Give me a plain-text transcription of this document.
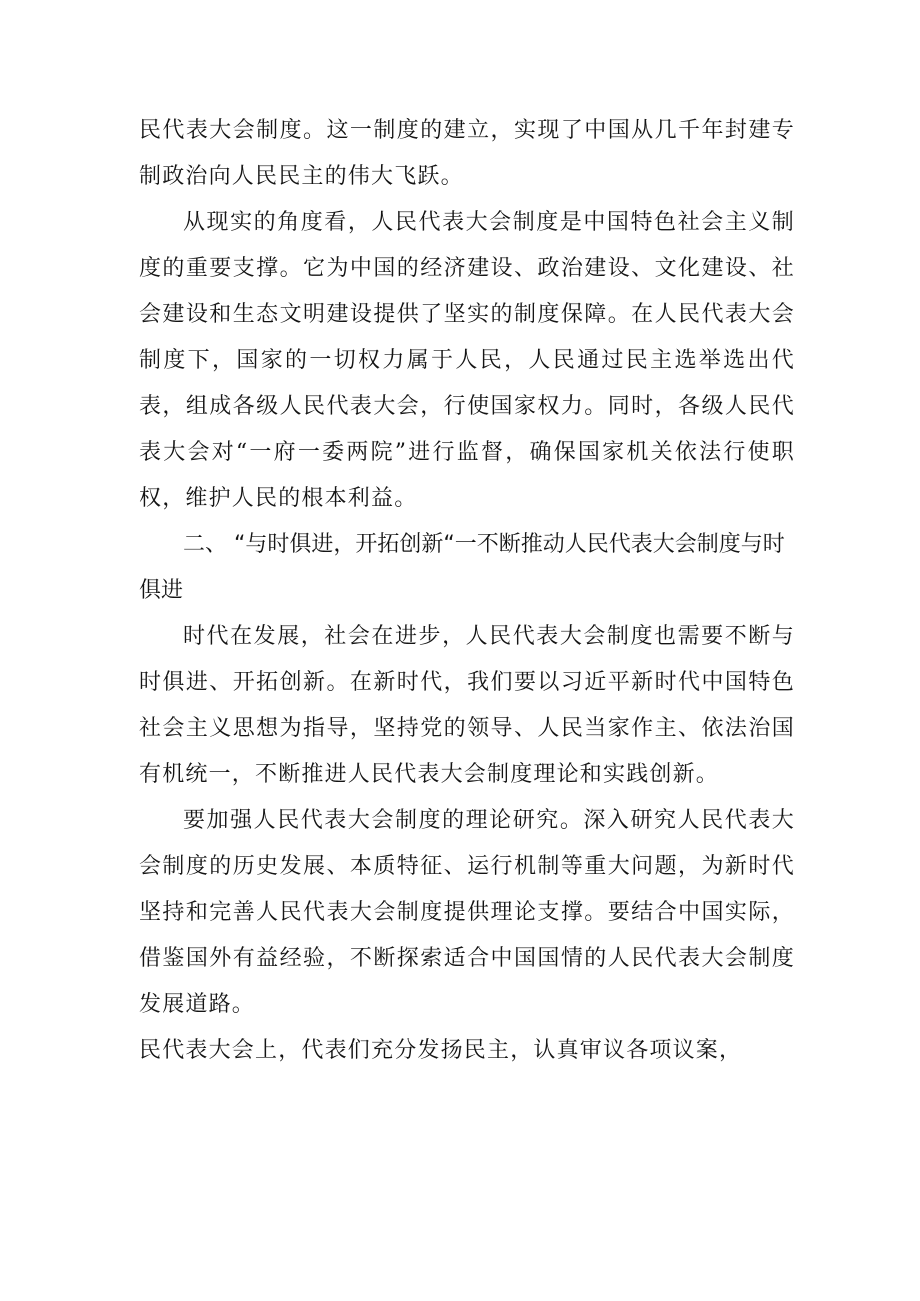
民代表大会制度。这一制度的建立，实现了中国从几千年封建专制政治向人民民主的伟大飞跃。

从现实的角度看，人民代表大会制度是中国特色社会主义制度的重要支撑。它为中国的经济建设、政治建设、文化建设、社会建设和生态文明建设提供了坚实的制度保障。在人民代表大会制度下，国家的一切权力属于人民，人民通过民主选举选出代表，组成各级人民代表大会，行使国家权力。同时，各级人民代表大会对“一府一委两院”进行监督，确保国家机关依法行使职权，维护人民的根本利益。

二、 “与时俱进，开拓创新“一不断推动人民代表大会制度与时俱进

时代在发展，社会在进步，人民代表大会制度也需要不断与时俱进、开拓创新。在新时代，我们要以习近平新时代中国特色社会主义思想为指导，坚持党的领导、人民当家作主、依法治国有机统一，不断推进人民代表大会制度理论和实践创新。

要加强人民代表大会制度的理论研究。深入研究人民代表大会制度的历史发展、本质特征、运行机制等重大问题，为新时代坚持和完善人民代表大会制度提供理论支撑。要结合中国实际，借鉴国外有益经验，不断探索适合中国国情的人民代表大会制度发展道路。

民代表大会上，代表们充分发扬民主，认真审议各项议案，
